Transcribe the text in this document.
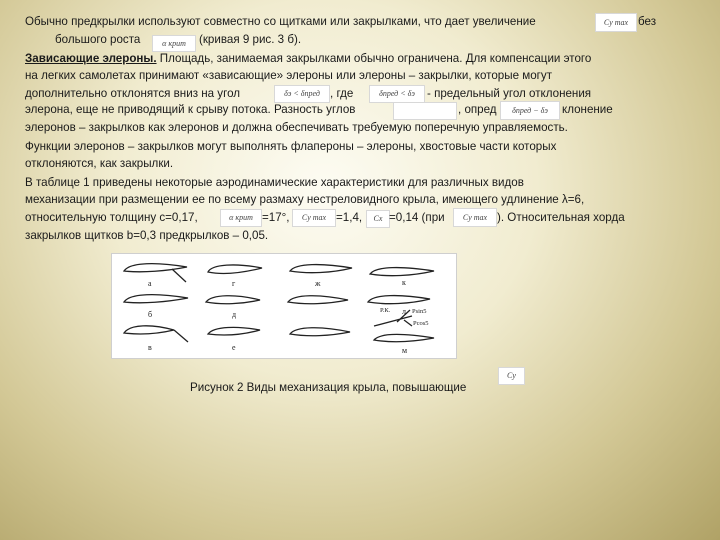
Обычно предкрылки используют совместно со щитками или закрылками, что дает увеличение	Cy max без

большого роста	α крит	(кривая 9 рис. 3 б).

Зависающие элероны. Площадь, занимаемая закрылками обычно ограничена. Для компенсации этого

на легких самолетах принимают «зависающие» элероны или элероны – закрылки, которые могут

дополнительно отклонятся вниз на угол	δэ < δпред , где	δпред < δэ	- предельный угол отклонения

элерона, еще не приводящий к срыву потока. Разность углов	, опред	δпред − δэ	клонение

элеронов – закрылков как элеронов и должна обеспечивать требуемую поперечную управляемость.

Функции элеронов – закрылков могут выполнять флапероны – элероны, хвостовые части которых

отклоняются, как закрылки.

В таблице 1 приведены некоторые аэродинамические характеристики для различных видов

механизации при размещении ее по всему размаху нестреловидного крыла, имеющего удлинение λ=6,

относительную толщину c=0,17,	α крит =17°,	Cy max =1,4,	Cx =0,14 (при	Cy max ). Относительная хорда

закрылков щитков b=0,3 предкрылков – 0,05.

а	г	ж
б	д
в	е
к
л
м
Р.К.	Psin5
Pcos5

Рисунок 2 Виды механизация крыла, повышающие

Cy
